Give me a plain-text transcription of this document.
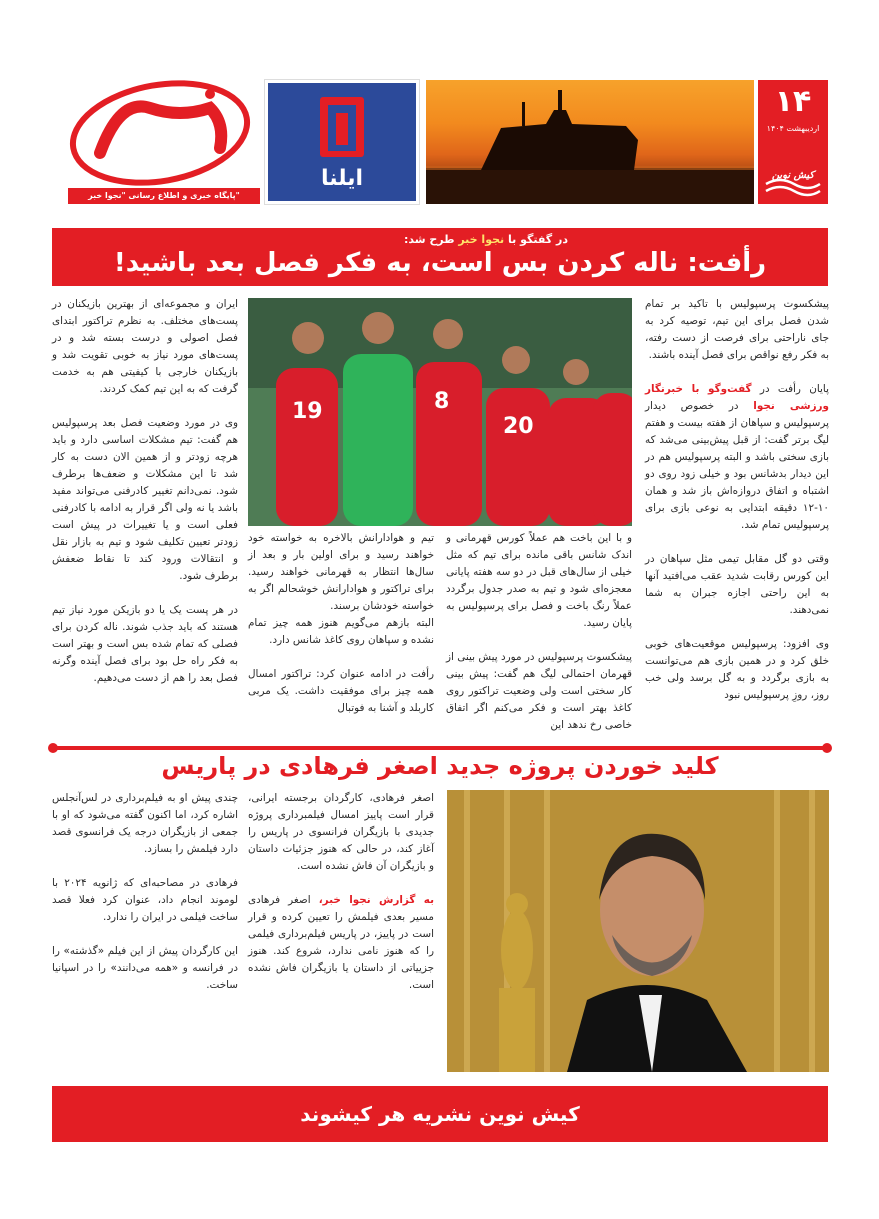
۱۴
اردیبهشت ۱۴۰۴
کیش نوین
ایلنا
پایگاه خبری و اطلاع رسانی "نجوا خبر"
در گفتگو با نجوا خبر طرح شد:
رأفت: ناله کردن بس است، به فکر فصل بعد باشید!
19	8
20

پیشکسوت پرسپولیس با تاکید بر تمام شدن فصل برای این تیم، توصیه کرد به جای ناراحتی برای فرصت از دست رفته، به فکر رفع نواقص برای فصل آینده باشند.

پایان رأفت در گفت‌وگو با خبرنگار ورزشی نجوا در خصوص دیدار پرسپولیس و سپاهان از هفته بیست و هفتم لیگ برتر گفت: از قبل پیش‌بینی می‌شد که بازی سختی باشد و البته پرسپولیس هم در این دیدار بدشانس بود و خیلی زود روی دو اشتباه و اتفاق دروازه‌اش باز شد و همان ۱۰-۱۲ دقیقه ابتدایی به نوعی بازی برای پرسپولیس تمام شد.

وقتی دو گل مقابل تیمی مثل سپاهان در این کورس رقابت شدید عقب می‌افتید آنها به این راحتی اجازه جبران به شما نمی‌دهند.

وی افزود: پرسپولیس موقعیت‌های خوبی خلق کرد و در همین بازی هم می‌توانست به بازی برگردد و به گل برسد ولی خب روز، روزِ پرسپولیس نبود

و با این باخت هم عملاً کورس قهرمانی و اندک شانس باقی مانده برای تیم که مثل خیلی از سال‌های قبل در دو سه هفته پایانی معجزه‌ای شود و تیم به صدر جدول برگردد عملاً رنگ باخت و فصل برای پرسپولیس به پایان رسید.

پیشکسوت پرسپولیس در مورد پیش بینی از قهرمان احتمالی لیگ هم گفت: پیش بینی کار سختی است ولی وضعیت تراکتور روی کاغذ بهتر است و فکر می‌کنم اگر اتفاق خاصی رخ ندهد این

تیم و هوادارانش بالاخره به خواسته خود خواهند رسید و برای اولین بار و بعد از سال‌ها انتظار به قهرمانی خواهند رسید. برای تراکتور و هوادارانش خوشحالم اگر به خواسته خودشان برسند.

البته بازهم می‌گویم هنوز همه چیز تمام نشده و سپاهان روی کاغذ شانس دارد.

رأفت در ادامه عنوان کرد: تراکتور امسال همه چیز برای موفقیت داشت. یک مربی کاربلد و آشنا به فوتبال

ایران و مجموعه‌ای از بهترین بازیکنان در پست‌های مختلف. به نظرم تراکتور ابتدای فصل اصولی و درست بسته شد و در پست‌های مورد نیاز به خوبی تقویت شد و بازیکنان خارجی با کیفیتی هم به خدمت گرفت که به این تیم کمک کردند.

وی در مورد وضعیت فصل بعد پرسپولیس هم گفت: تیم مشکلات اساسی دارد و باید هرچه زودتر و از همین الان دست به کار شد تا این مشکلات و ضعف‌ها برطرف شود. نمی‌دانم تغییر کادرفنی می‌تواند مفید باشد یا نه ولی اگر قرار به ادامه با کادرفنی فعلی است و یا تغییرات در پیش است زودتر تعیین تکلیف شود و تیم به بازار نقل و انتقالات ورود کند تا نقاط ضعفش برطرف شود.

در هر پست یک یا دو بازیکن مورد نیاز تیم هستند که باید جذب شوند. ناله کردن برای فصلی که تمام شده بس است و بهتر است به فکر راه حل بود برای فصل آینده وگرنه فصل بعد را هم از دست می‌دهیم.

کلید خوردن پروژه جدید اصغر فرهادی در پاریس

اصغر فرهادی، کارگردان برجسته ایرانی، قرار است پاییز امسال فیلمبرداری پروژه جدیدی با بازیگران فرانسوی در پاریس را آغاز کند، در حالی که هنوز جزئیات داستان و بازیگران آن فاش نشده است.

به گزارش نجوا خبر، اصغر فرهادی مسیر بعدی فیلمش را تعیین کرده و قرار است در پاییز، در پاریس فیلم‌برداری فیلمی را که هنوز نامی ندارد، شروع کند. هنوز جزییاتی از داستان یا بازیگران فاش نشده است.

چندی پیش او به فیلم‌برداری در لس‌آنجلس اشاره کرد، اما اکنون گفته می‌شود که او با جمعی از بازیگران درجه یک فرانسوی قصد دارد فیلمش را بسازد.

فرهادی در مصاحبه‌ای که ژانویه ۲۰۲۴ با لوموند انجام داد، عنوان کرد فعلا قصد ساخت فیلمی در ایران را ندارد.

این کارگردان پیش از این فیلم «گذشته» را در فرانسه و «همه می‌دانند» را در اسپانیا ساخت.

کیش نوین نشریه هر کیشوند
